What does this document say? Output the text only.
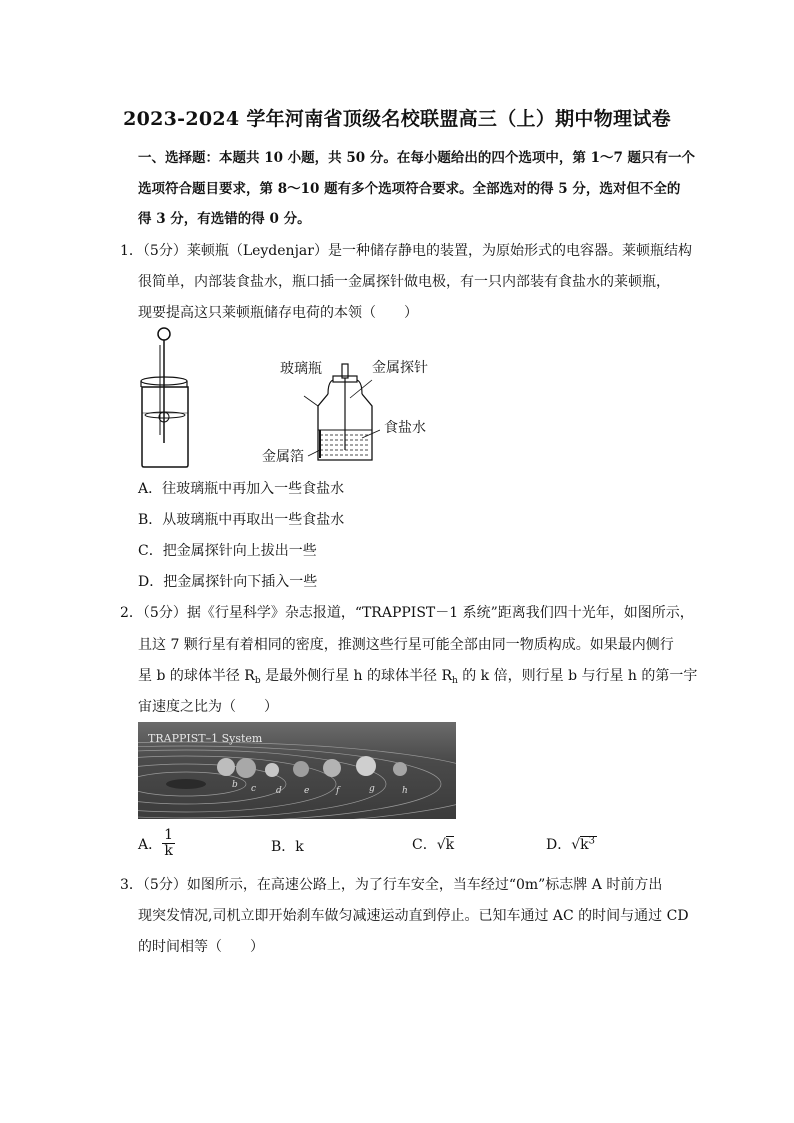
2023-2024 学年河南省顶级名校联盟高三（上）期中物理试卷
一、选择题：本题共 10 小题，共 50 分。在每小题给出的四个选项中，第 1～7 题只有一个
选项符合题目要求，第 8～10 题有多个选项符合要求。全部选对的得 5 分，选对但不全的
得 3 分，有选错的得 0 分。
1．（5分）莱顿瓶（Leydenjar）是一种储存静电的装置，为原始形式的电容器。莱顿瓶结构
很简单，内部装食盐水，瓶口插一金属探针做电极，有一只内部装有食盐水的莱顿瓶，
现要提高这只莱顿瓶储存电荷的本领（　　）
玻璃瓶	金属探针
食盐水
金属箔
A．往玻璃瓶中再加入一些食盐水
B．从玻璃瓶中再取出一些食盐水
C．把金属探针向上拔出一些
D．把金属探针向下插入一些
2．（5分）据《行星科学》杂志报道，“TRAPPIST－1 系统”距离我们四十光年，如图所示，
且这 7 颗行星有着相同的密度，推测这些行星可能全部由同一物质构成。如果最内侧行
星 b 的球体半径 $R_b$ 是最外侧行星 h 的球体半径 $R_h$ 的 k 倍，则行星 b 与行星 h 的第一宇
宙速度之比为（　　）
TRAPPIST–1 System
b c d e	f	g	h
A． $\frac{1}{k}$	B．k	C．√k	D．$√k^3$
3．（5分）如图所示，在高速公路上，为了行车安全，当车经过“0m”标志牌 A 时前方出
现突发情况,司机立即开始刹车做匀减速运动直到停止。已知车通过 AC 的时间与通过 CD
的时间相等（　　）
